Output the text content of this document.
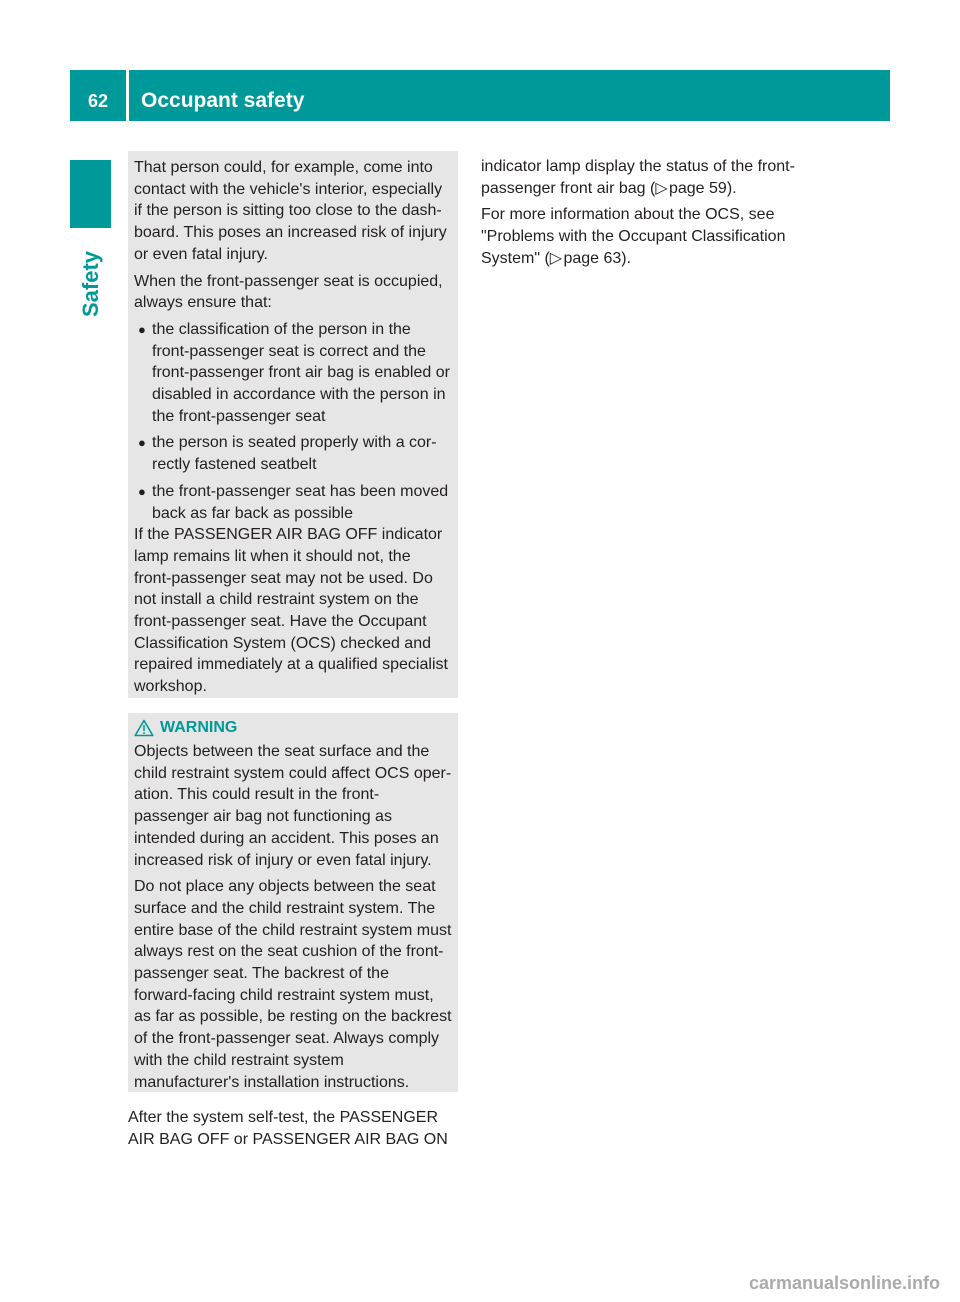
62	Occupant safety
Safety

That person could, for example, come into contact with the vehicle's interior, especially if the person is sitting too close to the dashboard. This poses an increased risk of injury or even fatal injury.

When the front-passenger seat is occupied, always ensure that:

● the classification of the person in the front-passenger seat is correct and the front-passenger front air bag is enabled or disabled in accordance with the person in the front-passenger seat

● the person is seated properly with a correctly fastened seatbelt

● the front-passenger seat has been moved back as far back as possible

If the PASSENGER AIR BAG OFF indicator lamp remains lit when it should not, the front-passenger seat may not be used. Do not install a child restraint system on the front-passenger seat. Have the Occupant Classification System (OCS) checked and repaired immediately at a qualified specialist workshop.

WARNING

Objects between the seat surface and the child restraint system could affect OCS operation. This could result in the front-passenger air bag not functioning as intended during an accident. This poses an increased risk of injury or even fatal injury.

Do not place any objects between the seat surface and the child restraint system. The entire base of the child restraint system must always rest on the seat cushion of the front-passenger seat. The backrest of the forward-facing child restraint system must, as far as possible, be resting on the backrest of the front-passenger seat. Always comply with the child restraint system manufacturer's installation instructions.

After the system self-test, the PASSENGER AIR BAG OFF or PASSENGER AIR BAG ON

indicator lamp display the status of the front-passenger front air bag (▷ page 59).

For more information about the OCS, see "Problems with the Occupant Classification System" (▷ page 63).

carmanualsonline.info
